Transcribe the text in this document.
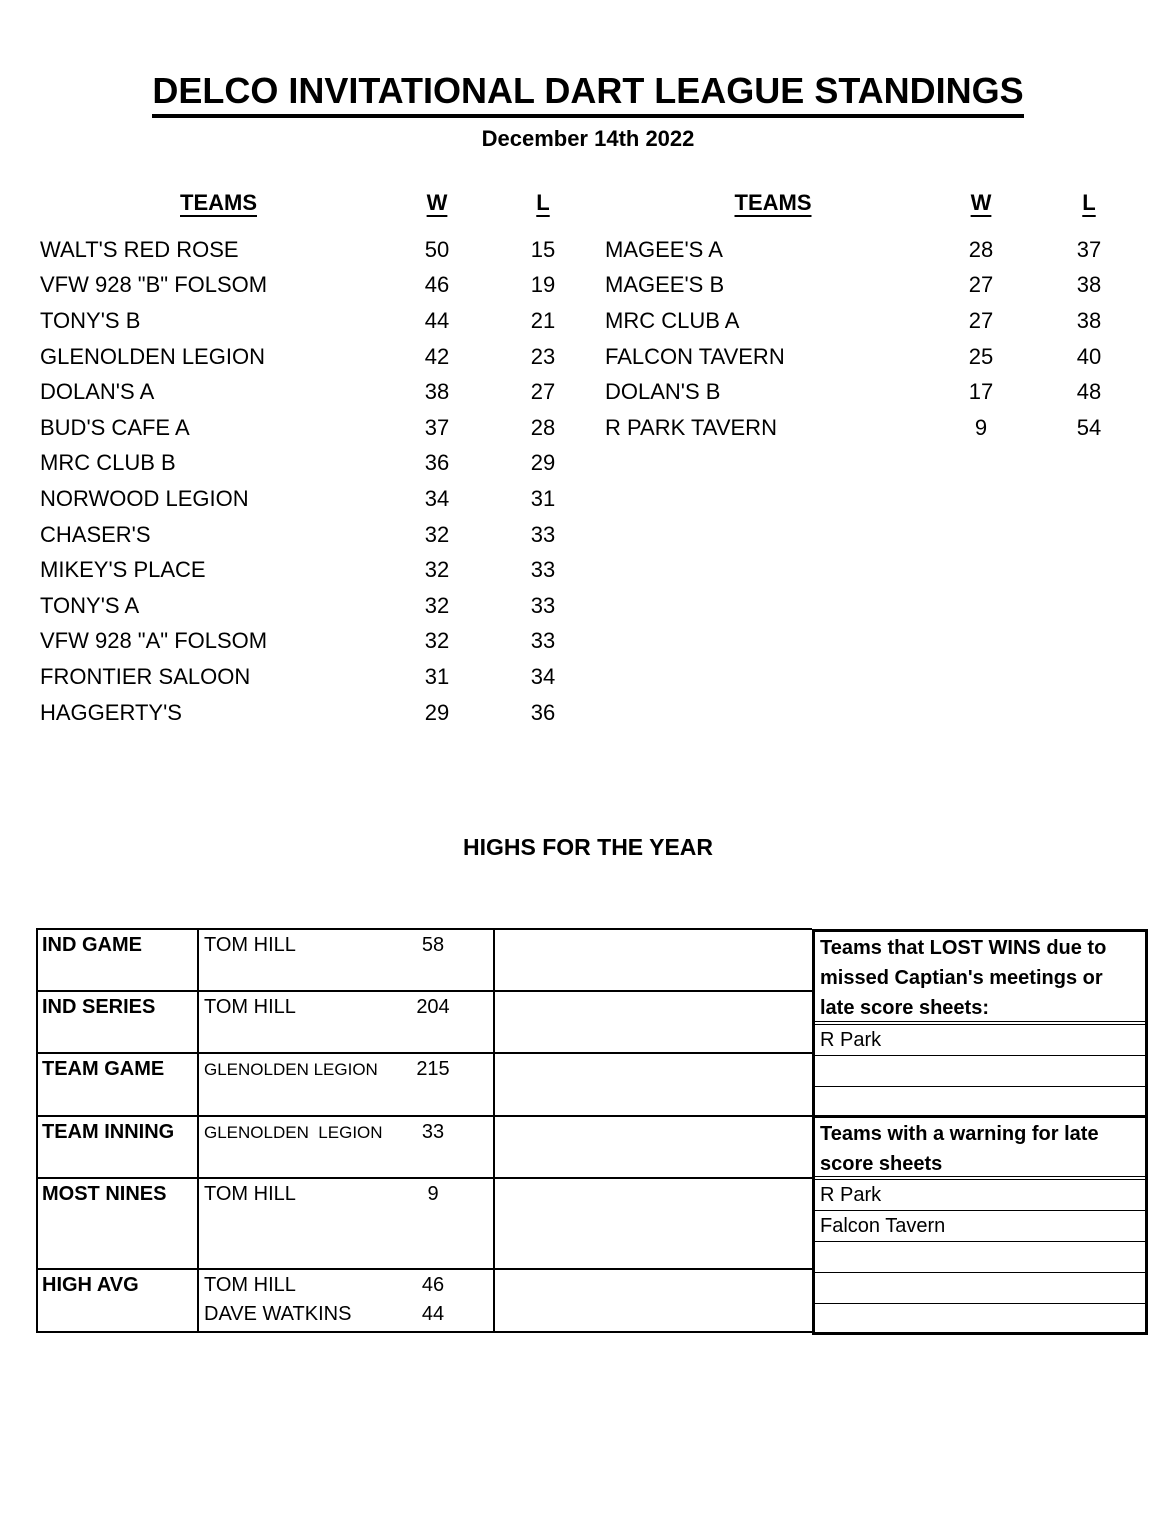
DELCO INVITATIONAL DART LEAGUE STANDINGS
December 14th 2022
TEAMS	W	L
WALT'S RED ROSE	50	15
VFW 928 "B" FOLSOM	46	19
TONY'S B	44	21
GLENOLDEN LEGION	42	23
DOLAN'S A	38	27
BUD'S CAFE A	37	28
MRC CLUB B	36	29
NORWOOD LEGION	34	31
CHASER'S	32	33
MIKEY'S PLACE	32	33
TONY'S A	32	33
VFW 928 "A" FOLSOM	32	33
FRONTIER SALOON	31	34
HAGGERTY'S	29	36
TEAMS	W	L
MAGEE'S A	28	37
MAGEE'S B	27	38
MRC CLUB A	27	38
FALCON TAVERN	25	40
DOLAN'S B	17	48
R PARK TAVERN	9	54
HIGHS FOR THE YEAR
IND GAME	TOM HILL	58
IND SERIES	TOM HILL	204
TEAM GAME	GLENOLDEN LEGION	215
TEAM INNING	GLENOLDEN  LEGION	33
MOST NINES	TOM HILL	9
HIGH AVG	TOM HILL	46
DAVE WATKINS	44
Teams that LOST WINS due to missed Captian's meetings or late score sheets:
R Park
Teams with a warning for late score sheets
R Park
Falcon Tavern
